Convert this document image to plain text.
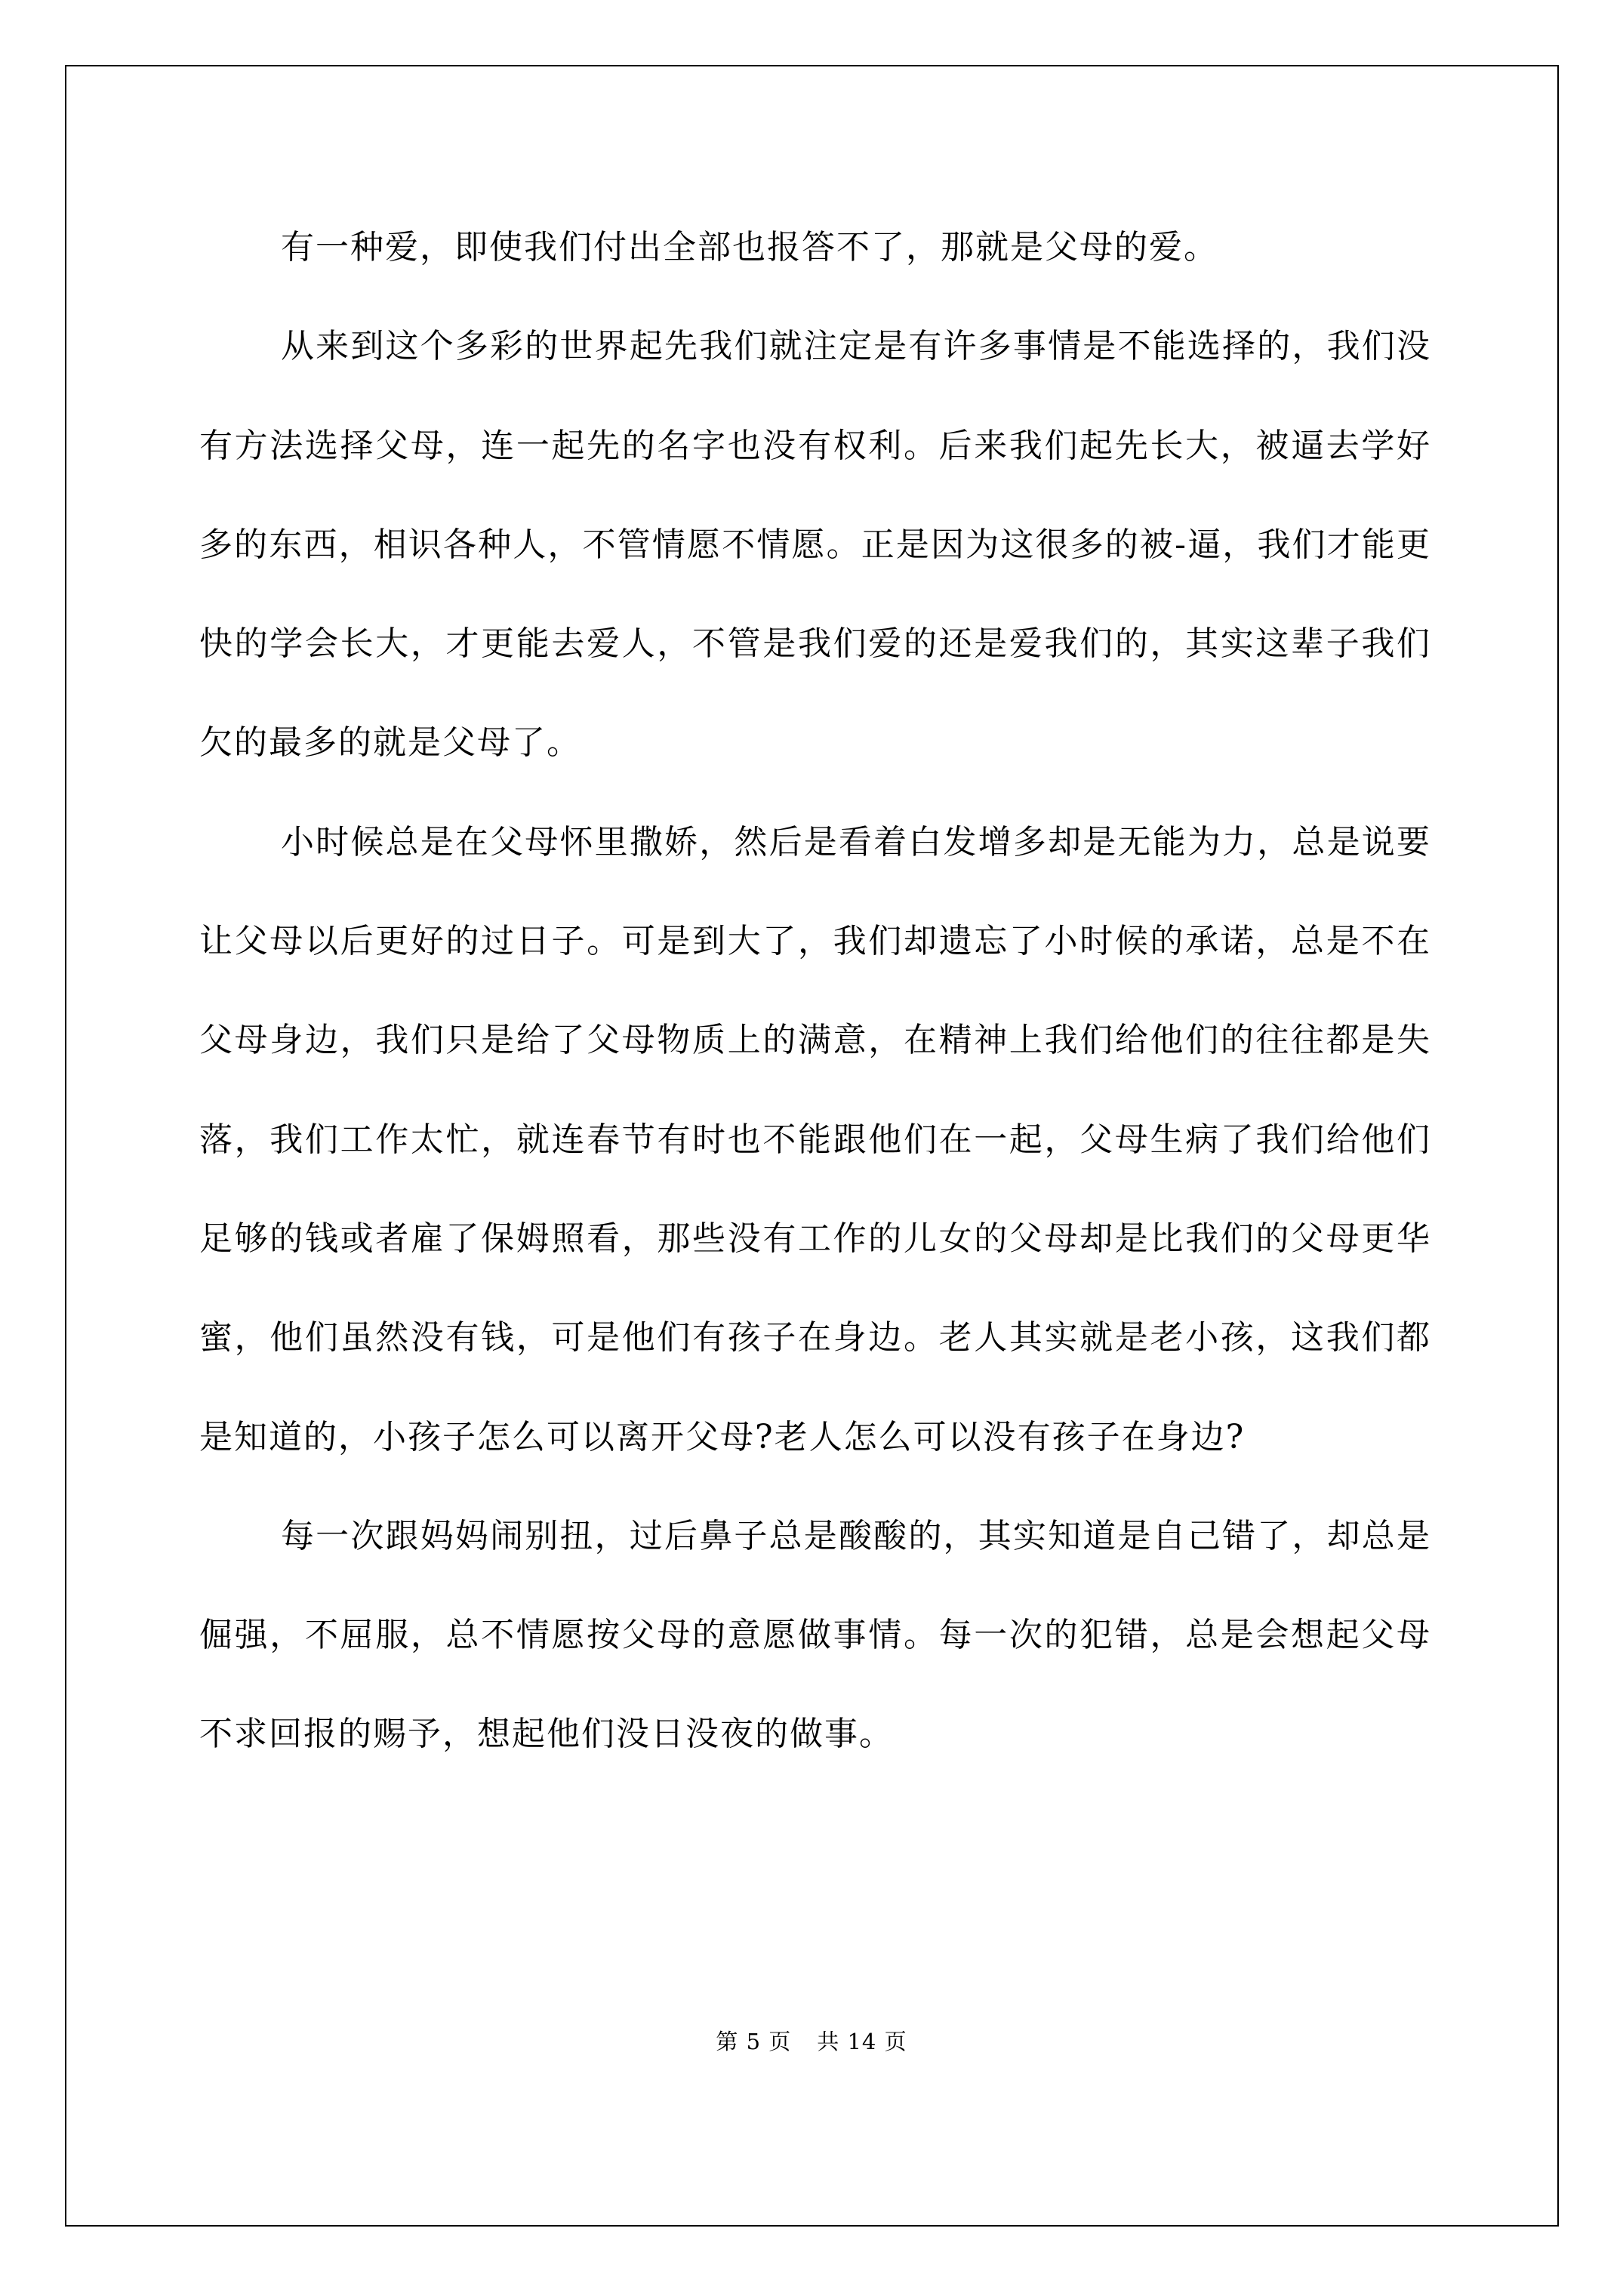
有一种爱，即使我们付出全部也报答不了，那就是父母的爱。

从来到这个多彩的世界起先我们就注定是有许多事情是不能选择的，我们没有方法选择父母，连一起先的名字也没有权利。后来我们起先长大，被逼去学好多的东西，相识各种人，不管情愿不情愿。正是因为这很多的被-逼，我们才能更快的学会长大，才更能去爱人，不管是我们爱的还是爱我们的，其实这辈子我们欠的最多的就是父母了。

小时候总是在父母怀里撒娇，然后是看着白发增多却是无能为力，总是说要让父母以后更好的过日子。可是到大了，我们却遗忘了小时候的承诺，总是不在父母身边，我们只是给了父母物质上的满意，在精神上我们给他们的往往都是失落，我们工作太忙，就连春节有时也不能跟他们在一起，父母生病了我们给他们足够的钱或者雇了保姆照看，那些没有工作的儿女的父母却是比我们的父母更华蜜，他们虽然没有钱，可是他们有孩子在身边。老人其实就是老小孩，这我们都是知道的，小孩子怎么可以离开父母?老人怎么可以没有孩子在身边?

每一次跟妈妈闹别扭，过后鼻子总是酸酸的，其实知道是自己错了，却总是倔强，不屈服，总不情愿按父母的意愿做事情。每一次的犯错，总是会想起父母不求回报的赐予，想起他们没日没夜的做事。

第 5 页 共 14 页
